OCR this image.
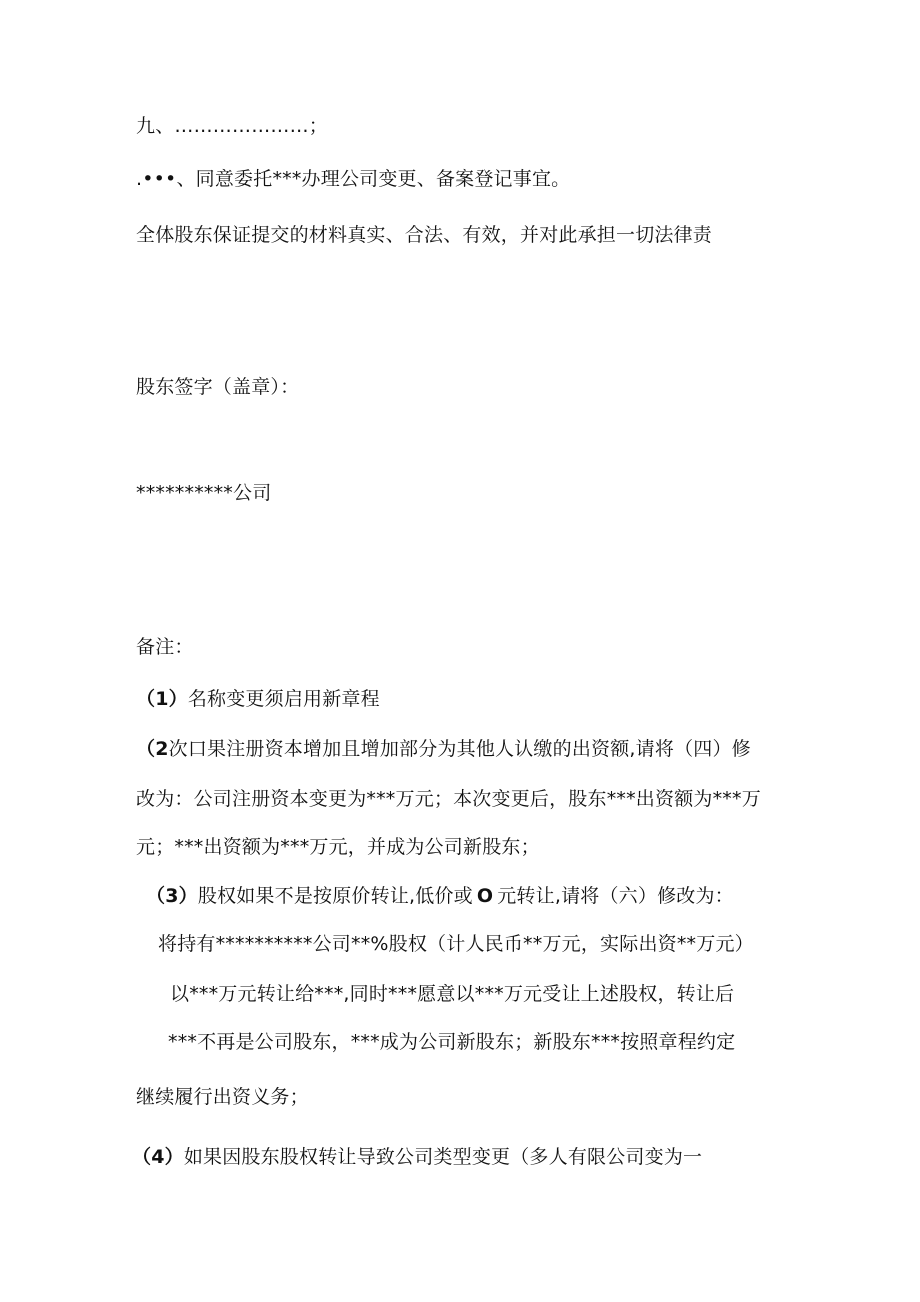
九、…………………；
.•••、同意委托***办理公司变更、备案登记事宜。
全体股东保证提交的材料真实、合法、有效，并对此承担一切法律责
股东签字（盖章）：
**********公司
备注：
（1）名称变更须启用新章程
（2次口果注册资本增加且增加部分为其他人认缴的出资额,请将（四）修
改为：公司注册资本变更为***万元；本次变更后，股东***出资额为***万
元；***出资额为***万元，并成为公司新股东；
（3）股权如果不是按原价转让,低价或 O 元转让,请将（六）修改为：
将持有**********公司**%股权（计人民币**万元，实际出资**万元）
以***万元转让给***,同时***愿意以***万元受让上述股权，转让后
***不再是公司股东，***成为公司新股东；新股东***按照章程约定
继续履行出资义务；
（4）如果因股东股权转让导致公司类型变更（多人有限公司变为一
